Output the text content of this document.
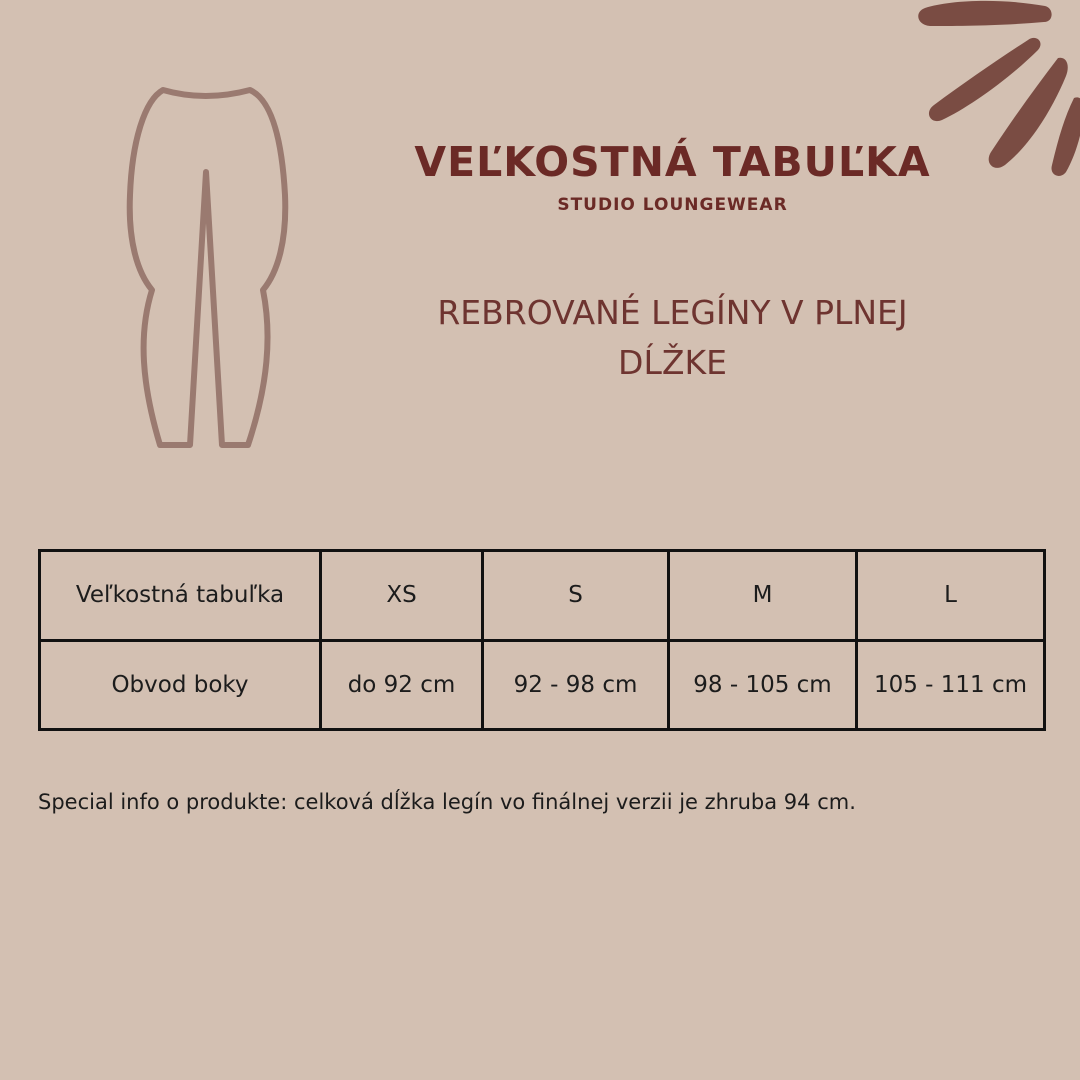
VEĽKOSTNÁ TABUĽKA
STUDIO LOUNGEWEAR
REBROVANÉ LEGÍNY V PLNEJ
DĹŽKE
Veľkostná tabuľka	XS	S	M	L
Obvod boky	do 92 cm	92 - 98 cm	98 - 105 cm	105 - 111 cm

Special info o produkte: celková dĺžka legín vo finálnej verzii je zhruba 94 cm.
